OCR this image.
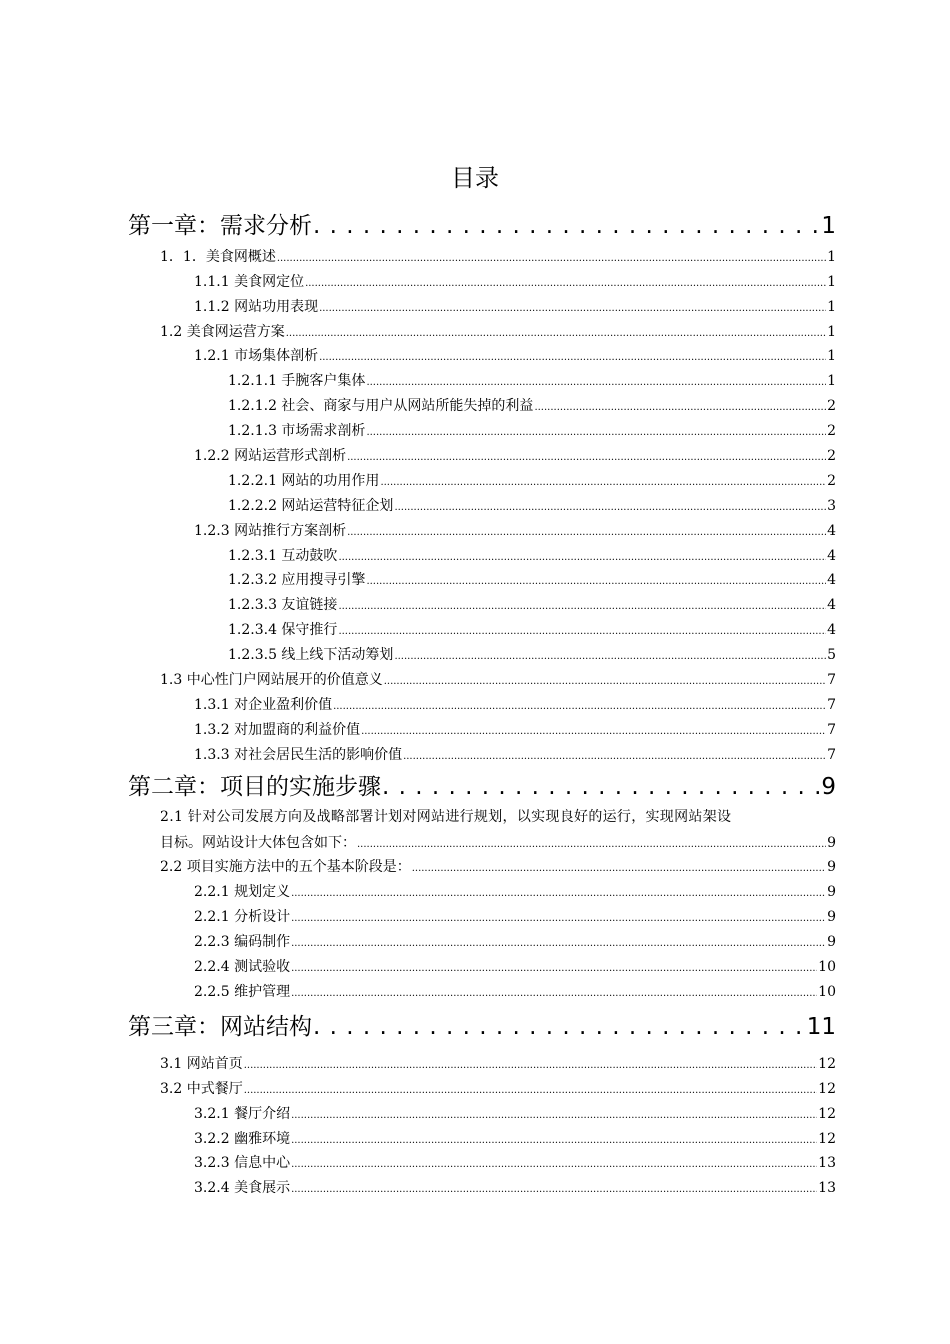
目录
第一章：需求分析 . . .	1
1．1．美食网概述 .....	1
1.1.1 美食网定位 .....	1
1.1.2 网站功用表现 .....	1
1.2 美食网运营方案 .....	1
1.2.1 市场集体剖析 .....	1
1.2.1.1 手腕客户集体 .....	1
1.2.1.2 社会、商家与用户从网站所能失掉的利益 .....	2
1.2.1.3 市场需求剖析 .....	2
1.2.2 网站运营形式剖析 .....	2
1.2.2.1 网站的功用作用 .....	2
1.2.2.2 网站运营特征企划 .....	3
1.2.3 网站推行方案剖析 .....	4
1.2.3.1 互动鼓吹 .....	4
1.2.3.2 应用搜寻引擎 .....	4
1.2.3.3 友谊链接 .....	4
1.2.3.4 保守推行 .....	4
1.2.3.5 线上线下活动筹划 .....	5
1.3 中心性门户网站展开的价值意义 .....	7
1.3.1 对企业盈利价值 .....	7
1.3.2 对加盟商的利益价值 .....	7
1.3.3 对社会居民生活的影响价值 .....	7
第二章：项目的实施步骤 . . .	9
2.1 针对公司发展方向及战略部署计划对网站进行规划，以实现良好的运行，实现网站架设
目标。网站设计大体包含如下： .....	9
2.2 项目实施方法中的五个基本阶段是： .....	9
2.2.1 规划定义 .....	9
2.2.1 分析设计 .....	9
2.2.3 编码制作 .....	9
2.2.4 测试验收 .....	10
2.2.5 维护管理 .....	10
第三章：网站结构 . . .	11
3.1 网站首页 .....	12
3.2 中式餐厅 .....	12
3.2.1 餐厅介绍 .....	12
3.2.2 幽雅环境 .....	12
3.2.3 信息中心 .....	13
3.2.4 美食展示 .....	13
